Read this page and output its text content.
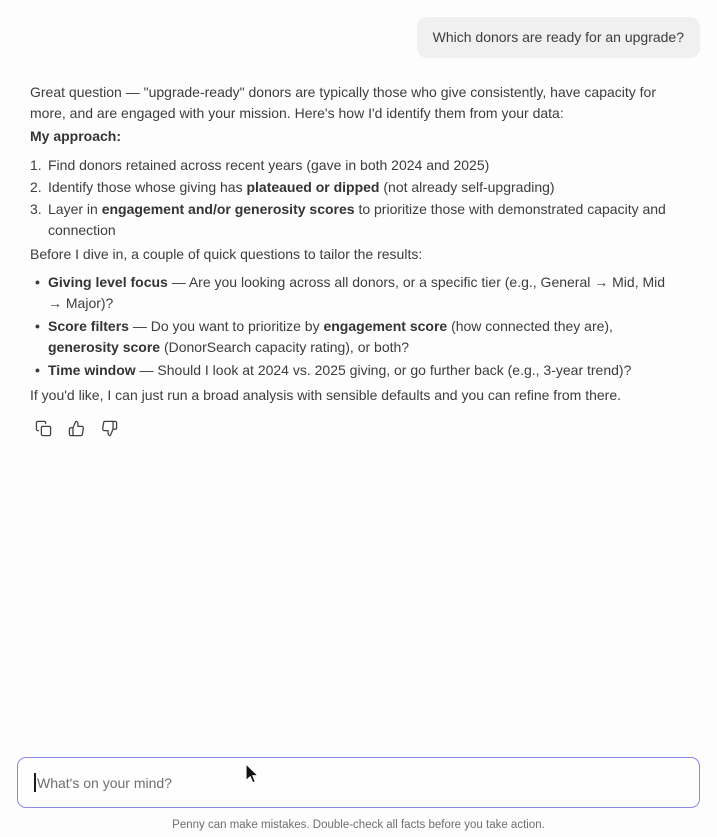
Which donors are ready for an upgrade?

Great question — "upgrade-ready" donors are typically those who give consistently, have capacity for more, and are engaged with your mission. Here's how I'd identify them from your data:

My approach:

Find donors retained across recent years (gave in both 2024 and 2025)
Identify those whose giving has plateaued or dipped (not already self-upgrading)
Layer in engagement and/or generosity scores to prioritize those with demonstrated capacity and connection

Before I dive in, a couple of quick questions to tailor the results:

• Giving level focus — Are you looking across all donors, or a specific tier (e.g., General → Mid, Mid → Major)?
• Score filters — Do you want to prioritize by engagement score (how connected they are), generosity score (DonorSearch capacity rating), or both?
• Time window — Should I look at 2024 vs. 2025 giving, or go further back (e.g., 3-year trend)?

If you'd like, I can just run a broad analysis with sensible defaults and you can refine from there.

What's on your mind?
Penny can make mistakes. Double-check all facts before you take action.
